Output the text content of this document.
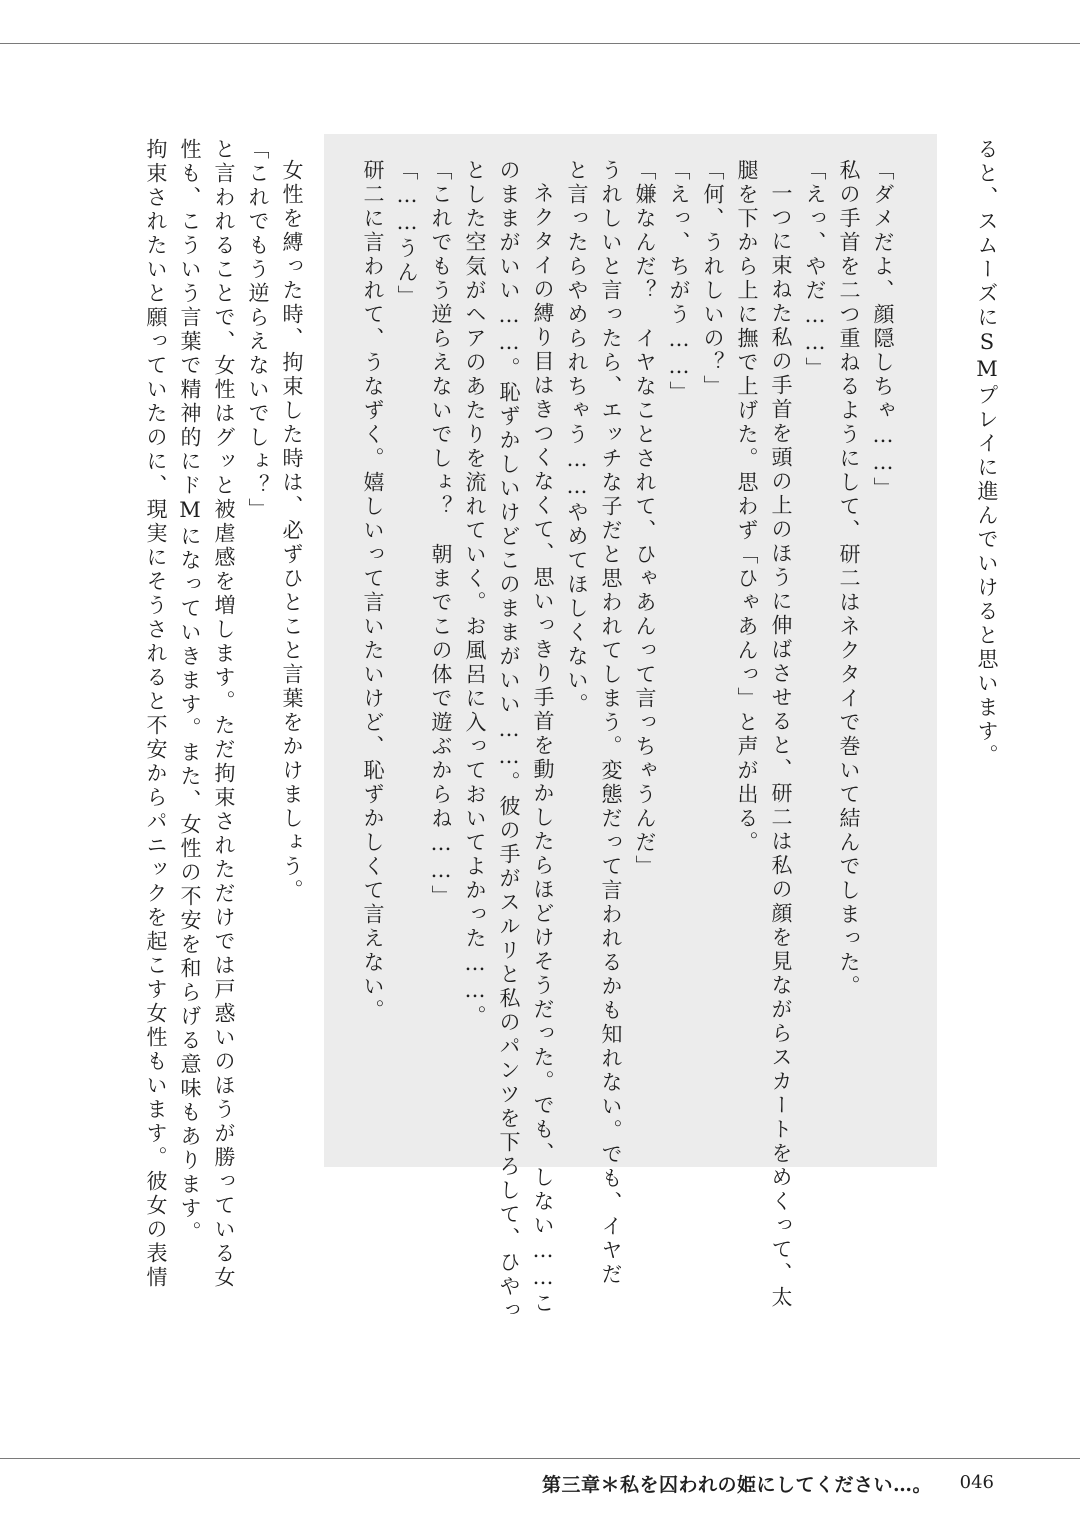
ると、スムーズにSMプレイに進んでいけると思います。
「ダメだよ、顔隠しちゃ……」
私の手首を二つ重ねるようにして、研二はネクタイで巻いて結んでしまった。
「えっ、やだ……」
一つに束ねた私の手首を頭の上のほうに伸ばさせると、研二は私の顔を見ながらスカートをめくって、太
腿を下から上に撫で上げた。思わず「ひゃあんっ」と声が出る。
「何、うれしいの？」
「えっ、ちがう……」
「嫌なんだ？　イヤなことされて、ひゃあんって言っちゃうんだ」
うれしいと言ったら、エッチな子だと思われてしまう。変態だって言われるかも知れない。でも、イヤだ
と言ったらやめられちゃう……やめてほしくない。
ネクタイの縛り目はきつくなくて、思いっきり手首を動かしたらほどけそうだった。でも、しない……こ
のままがいい……。恥ずかしいけどこのままがいい……。彼の手がスルリと私のパンツを下ろして、ひやっ
とした空気がヘアのあたりを流れていく。お風呂に入っておいてよかった……。
「これでもう逆らえないでしょ？　朝までこの体で遊ぶからね……」
「……うん」
研二に言われて、うなずく。嬉しいって言いたいけど、恥ずかしくて言えない。
女性を縛った時、拘束した時は、必ずひとこと言葉をかけましょう。
「これでもう逆らえないでしょ？」
と言われることで、女性はグッと被虐感を増します。ただ拘束されただけでは戸惑いのほうが勝っている女
性も、こういう言葉で精神的にドMになっていきます。また、女性の不安を和らげる意味もあります。
拘束されたいと願っていたのに、現実にそうされると不安からパニックを起こす女性もいます。彼女の表情
第三章＊私を囚われの姫にしてください…。 046
